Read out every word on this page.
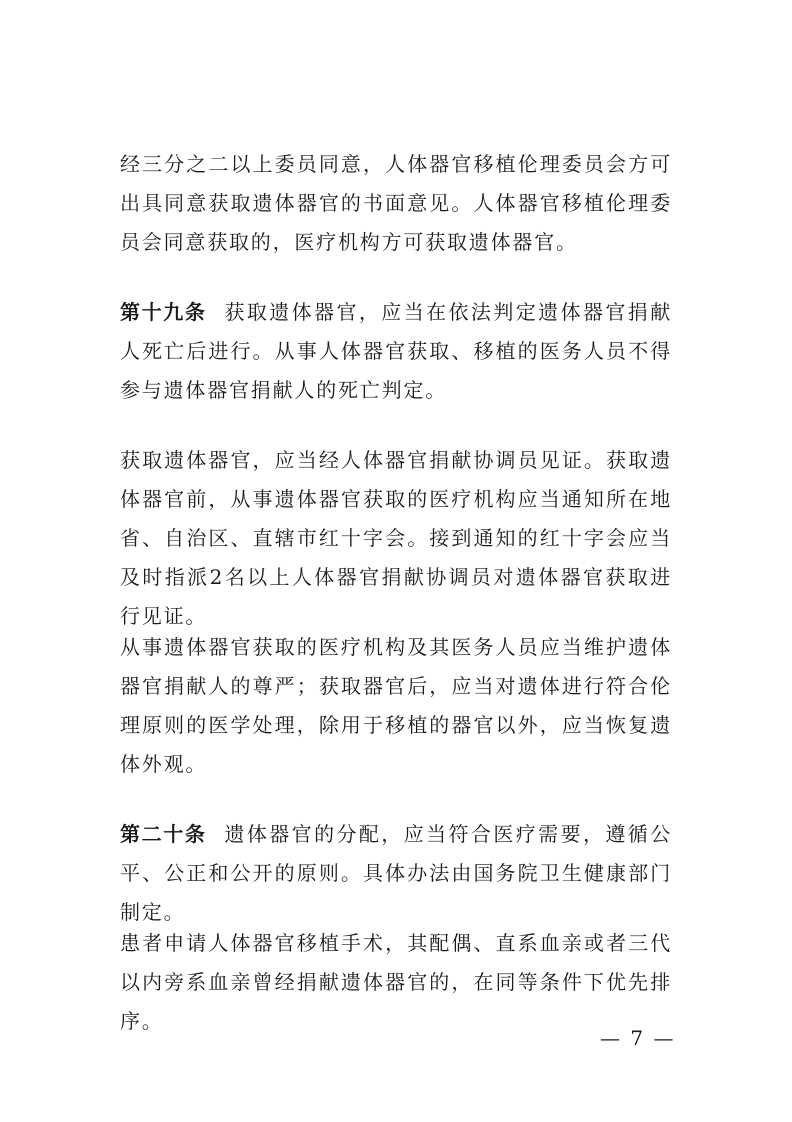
经三分之二以上委员同意，人体器官移植伦理委员会方可出具同意获取遗体器官的书面意见。人体器官移植伦理委员会同意获取的，医疗机构方可获取遗体器官。

第十九条 获取遗体器官，应当在依法判定遗体器官捐献人死亡后进行。从事人体器官获取、移植的医务人员不得参与遗体器官捐献人的死亡判定。

获取遗体器官，应当经人体器官捐献协调员见证。获取遗体器官前，从事遗体器官获取的医疗机构应当通知所在地省、自治区、直辖市红十字会。接到通知的红十字会应当及时指派2名以上人体器官捐献协调员对遗体器官获取进行见证。

从事遗体器官获取的医疗机构及其医务人员应当维护遗体器官捐献人的尊严；获取器官后，应当对遗体进行符合伦理原则的医学处理，除用于移植的器官以外，应当恢复遗体外观。

第二十条 遗体器官的分配，应当符合医疗需要，遵循公平、公正和公开的原则。具体办法由国务院卫生健康部门制定。

患者申请人体器官移植手术，其配偶、直系血亲或者三代以内旁系血亲曾经捐献遗体器官的，在同等条件下优先排序。

— 7 —
